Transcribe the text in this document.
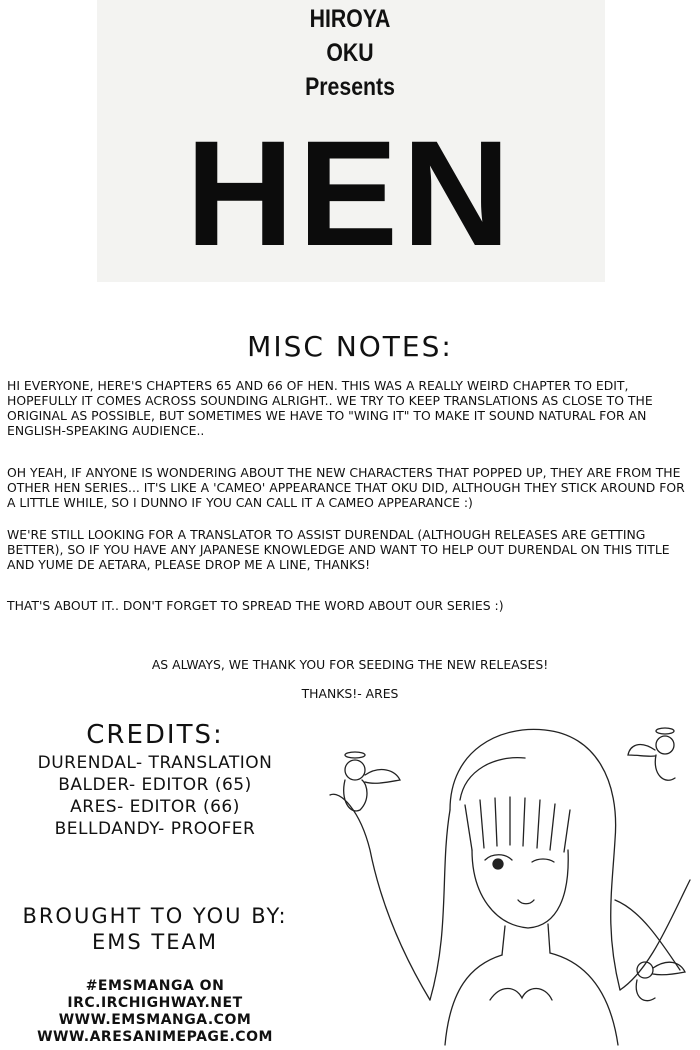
HIROYA
OKU
Presents
HEN
MISC NOTES:
HI EVERYONE, HERE'S CHAPTERS 65 AND 66 OF HEN. THIS WAS A REALLY WEIRD CHAPTER TO EDIT, HOPEFULLY IT COMES ACROSS SOUNDING ALRIGHT.. WE TRY TO KEEP TRANSLATIONS AS CLOSE TO THE ORIGINAL AS POSSIBLE, BUT SOMETIMES WE HAVE TO "WING IT" TO MAKE IT SOUND NATURAL FOR AN ENGLISH-SPEAKING AUDIENCE..
OH YEAH, IF ANYONE IS WONDERING ABOUT THE NEW CHARACTERS THAT POPPED UP, THEY ARE FROM THE OTHER HEN SERIES... IT'S LIKE A 'CAMEO' APPEARANCE THAT OKU DID, ALTHOUGH THEY STICK AROUND FOR A LITTLE WHILE, SO I DUNNO IF YOU CAN CALL IT A CAMEO APPEARANCE :)
WE'RE STILL LOOKING FOR A TRANSLATOR TO ASSIST DURENDAL (ALTHOUGH RELEASES ARE GETTING BETTER), SO IF YOU HAVE ANY JAPANESE KNOWLEDGE AND WANT TO HELP OUT DURENDAL ON THIS TITLE AND YUME DE AETARA, PLEASE DROP ME A LINE, THANKS!
THAT'S ABOUT IT.. DON'T FORGET TO SPREAD THE WORD ABOUT OUR SERIES :)
AS ALWAYS, WE THANK YOU FOR SEEDING THE NEW RELEASES!
THANKS!- ARES
CREDITS:
DURENDAL- TRANSLATION
BALDER- EDITOR (65)
ARES- EDITOR (66)
BELLDANDY- PROOFER
BROUGHT TO YOU BY:
EMS TEAM
#EMSMANGA ON
IRC.IRCHIGHWAY.NET
WWW.EMSMANGA.COM
WWW.ARESANIMEPAGE.COM
